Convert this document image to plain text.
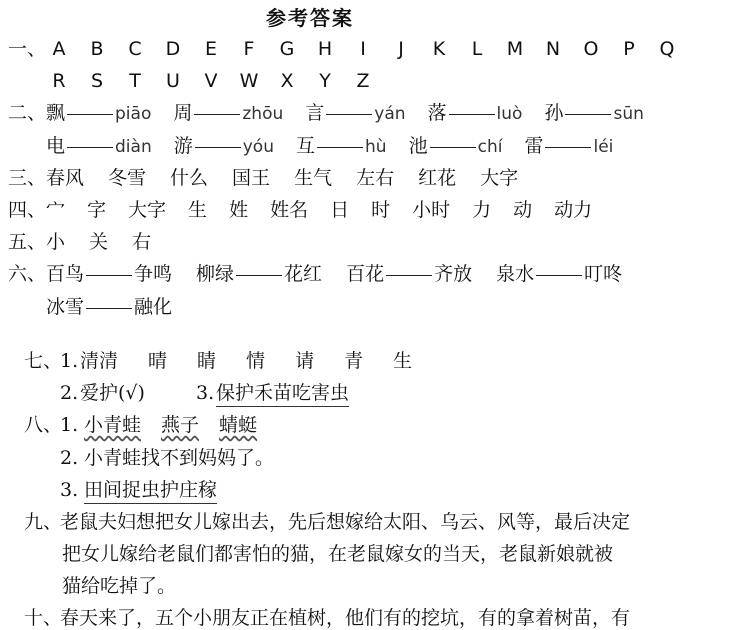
参考答案
一、 A B C D E F G H I J K L M N O P Q
R S T U V W X Y Z
二、 飘	piāo 周	zhōu 言	yán 落	luò 孙	sūn
电	diàn 游	yóu 互	hù 池	chí 雷	léi
三、 春风 冬雪 什么 国王 生气 左右 红花 大字
四、 宀 字 大字 生 姓 姓名 日 时 小时 力 动 动力
五、 小 关 右
六、 百鸟	争鸣 柳绿	花红 百花	齐放 泉水	叮咚
冰雪	融化
七、
1. 清清 晴 睛 情 请 青 生
2. 爱护(√)	3. 保护禾苗吃害虫
八、
1. 小青蛙 燕子 蜻蜓
2. 小青蛙找不到妈妈了。
3. 田间捉虫护庄稼
九、
老鼠夫妇想把女儿嫁出去，先后想嫁给太阳、乌云、风等，最后决定
把女儿嫁给老鼠们都害怕的猫，在老鼠嫁女的当天，老鼠新娘就被
猫给吃掉了。
十、
春天来了，五个小朋友正在植树，他们有的挖坑，有的拿着树苗，有
